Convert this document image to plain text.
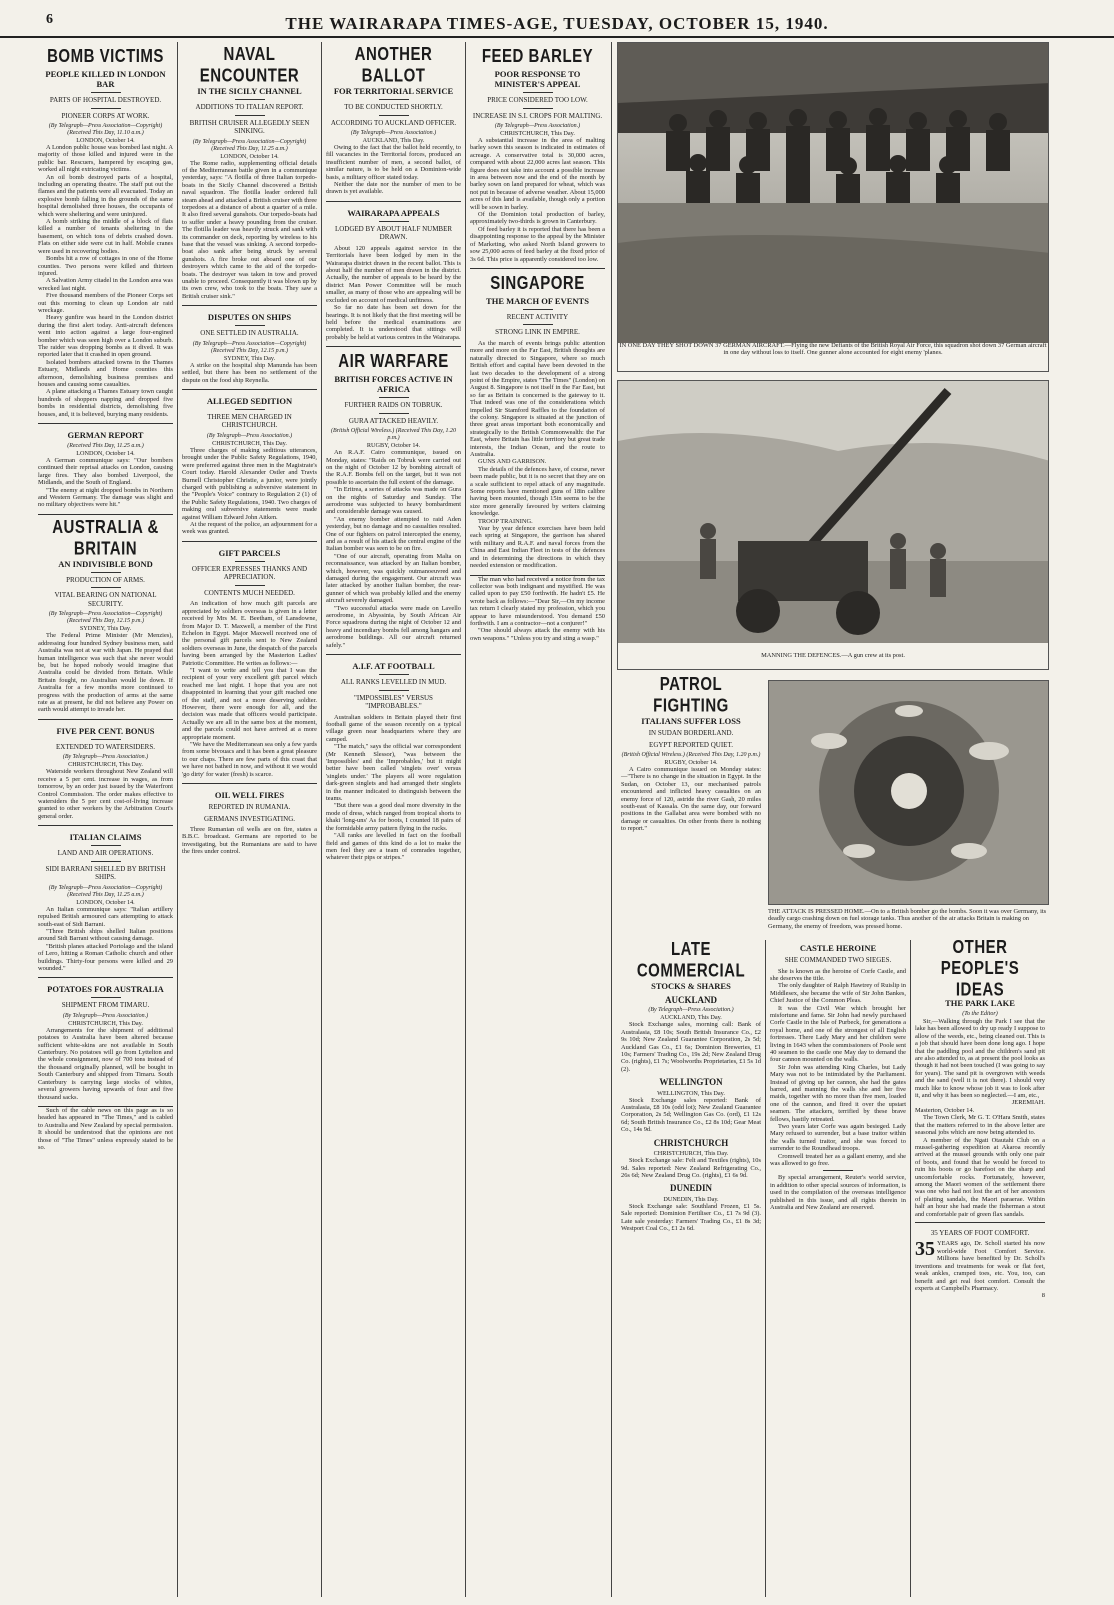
6	THE WAIRARAPA TIMES-AGE, TUESDAY, OCTOBER 15, 1940.
BOMB VICTIMS
PEOPLE KILLED IN LONDON BAR
PARTS OF HOSPITAL DESTROYED.
PIONEER CORPS AT WORK.
(By Telegraph—Press Association—Copyright) (Received This Day, 11.10 a.m.)
LONDON, October 14.

A London public house was bombed last night. A majority of those killed and injured were in the public bar. Rescuers, hampered by escaping gas, worked all night extricating victims.

An oil bomb destroyed parts of a hospital, including an operating theatre. The staff put out the flames and the patients were all evacuated. Today an explosive bomb falling in the grounds of the same hospital demolished three houses, the occupants of which were sheltering and were uninjured.

A bomb striking the middle of a block of flats killed a number of tenants sheltering in the basement, on which tons of debris crashed down. Flats on either side were cut in half. Mobile cranes were used in recovering bodies.

Bombs hit a row of cottages in one of the Home counties. Two persons were killed and thirteen injured.

A Salvation Army citadel in the London area was wrecked last night.

Five thousand members of the Pioneer Corps set out this morning to clean up London air raid wreckage.

Heavy gunfire was heard in the London district during the first alert today. Anti-aircraft defences went into action against a large four-engined bomber which was seen high over a London suburb. The raider was dropping bombs as it dived. It was reported later that it crashed in open ground.

Isolated bombers attacked towns in the Thames Estuary, Midlands and Home counties this afternoon, demolishing business premises and houses and causing some casualties.

A plane attacking a Thames Estuary town caught hundreds of shoppers napping and dropped five bombs in residential districts, demolishing five houses, and, it is believed, burying many residents.

GERMAN REPORT
(Received This Day, 11.25 a.m.)
LONDON, October 14.

A German communique says: "Our bombers continued their reprisal attacks on London, causing large fires. They also bombed Liverpool, the Midlands, and the South of England.

"The enemy at night dropped bombs in Northern and Western Germany. The damage was slight and no military objectives were hit."

AUSTRALIA & BRITAIN
AN INDIVISIBLE BOND
PRODUCTION OF ARMS.
VITAL BEARING ON NATIONAL SECURITY.
(By Telegraph—Press Association—Copyright) (Received This Day, 12.15 p.m.)
SYDNEY, This Day.

The Federal Prime Minister (Mr Menzies), addressing four hundred Sydney business men, said Australia was not at war with Japan. He prayed that human intelligence was such that she never would be, but he hoped nobody would imagine that Australia could be divided from Britain. While Britain fought, no Australian would lie down. If Australia for a few months more continued to progress with the production of arms at the same rate as at present, he did not believe any Power on earth would attempt to invade her.

FIVE PER CENT. BONUS
EXTENDED TO WATERSIDERS.
(By Telegraph—Press Association.)
CHRISTCHURCH, This Day.

Waterside workers throughout New Zealand will receive a 5 per cent. increase in wages, as from tomorrow, by an order just issued by the Waterfront Control Commission. The order makes effective to watersiders the 5 per cent cost-of-living increase granted to other workers by the Arbitration Court's general order.

ITALIAN CLAIMS
LAND AND AIR OPERATIONS.
SIDI BARRANI SHELLED BY BRITISH SHIPS.
(By Telegraph—Press Association—Copyright) (Received This Day, 11.25 a.m.)
LONDON, October 14.

An Italian communique says: "Italian artillery repulsed British armoured cars attempting to attack south-east of Sidi Barrani.

"Three British ships shelled Italian positions around Sidi Barrani without causing damage.

"British planes attacked Portolago and the island of Lero, hitting a Roman Catholic church and other buildings. Thirty-four persons were killed and 29 wounded."

POTATOES FOR AUSTRALIA
SHIPMENT FROM TIMARU.
(By Telegraph—Press Association.)
CHRISTCHURCH, This Day.

Arrangements for the shipment of additional potatoes to Australia have been altered because sufficient white-skins are not available in South Canterbury. No potatoes will go from Lyttelton and the whole consignment, now of 700 tons instead of the thousand originally planned, will be bought in South Canterbury and shipped from Timaru. South Canterbury is carrying large stocks of whites, several growers having upwards of four and five thousand sacks.

Such of the cable news on this page as is so headed has appeared in "The Times," and is cabled to Australia and New Zealand by special permission. It should be understood that the opinions are not those of "The Times" unless expressly stated to be so.

NAVAL ENCOUNTER
IN THE SICILY CHANNEL
ADDITIONS TO ITALIAN REPORT.
BRITISH CRUISER ALLEGEDLY SEEN SINKING.
(By Telegraph—Press Association—Copyright) (Received This Day, 11.25 a.m.)
LONDON, October 14.

The Rome radio, supplementing official details of the Mediterranean battle given in a communique yesterday, says: "A flotilla of three Italian torpedo-boats in the Sicily Channel discovered a British naval squadron. The flotilla leader ordered full steam ahead and attacked a British cruiser with three torpedoes at a distance of about a quarter of a mile. It also fired several gunshots. Our torpedo-boats had to suffer under a heavy pounding from the cruiser. The flotilla leader was heavily struck and sank with its commander on deck, reporting by wireless to his base that the vessel was sinking. A second torpedo-boat also sank after being struck by several gunshots. A fire broke out aboard one of our destroyers which came to the aid of the torpedo-boats. The destroyer was taken in tow and proved unable to proceed. Consequently it was blown up by its own crew, who took to the boats. They saw a British cruiser sink."

DISPUTES ON SHIPS
ONE SETTLED IN AUSTRALIA.
(By Telegraph—Press Association—Copyright) (Received This Day, 12.15 p.m.)
SYDNEY, This Day.

A strike on the hospital ship Manunda has been settled, but there has been no settlement of the dispute on the food ship Reynella.

ALLEGED SEDITION
THREE MEN CHARGED IN CHRISTCHURCH.
(By Telegraph—Press Association.)
CHRISTCHURCH, This Day.

Three charges of making seditious utterances, brought under the Public Safety Regulations, 1940, were preferred against three men in the Magistrate's Court today. Harold Alexander Ostler and Travis Burnell Christopher Christie, a junior, were jointly charged with publishing a subversive statement in the "People's Voice" contrary to Regulation 2 (1) of the Public Safety Regulations, 1940. Two charges of making oral subversive statements were made against William Edward John Aitken.

At the request of the police, an adjournment for a week was granted.

GIFT PARCELS
OFFICER EXPRESSES THANKS AND APPRECIATION.
CONTENTS MUCH NEEDED.

An indication of how much gift parcels are appreciated by soldiers overseas is given in a letter received by Mrs M. E. Beetham, of Lansdowne, from Major D. T. Maxwell, a member of the First Echelon in Egypt. Major Maxwell received one of the personal gift parcels sent to New Zealand soldiers overseas in June, the despatch of the parcels having been arranged by the Masterton Ladies' Patriotic Committee. He writes as follows:—

"I want to write and tell you that I was the recipient of your very excellent gift parcel which reached me last night. I hope that you are not disappointed in learning that your gift reached one of the staff, and not a more deserving soldier. However, there were enough for all, and the decision was made that officers would participate. Actually we are all in the same box at the moment, and the parcels could not have arrived at a more appropriate moment.

"We have the Mediterranean sea only a few yards from some bivouacs and it has been a great pleasure to our chaps. There are few parts of this coast that we have not bathed in now, and without it we would 'go dirty' for water (fresh) is scarce.

OIL WELL FIRES
REPORTED IN RUMANIA.
GERMANS INVESTIGATING.

Three Rumanian oil wells are on fire, states a B.B.C. broadcast. Germans are reported to be investigating, but the Rumanians are said to have the fires under control.

ANOTHER BALLOT
FOR TERRITORIAL SERVICE
TO BE CONDUCTED SHORTLY.
ACCORDING TO AUCKLAND OFFICER.
(By Telegraph—Press Association.)
AUCKLAND, This Day.

Owing to the fact that the ballot held recently, to fill vacancies in the Territorial forces, produced an insufficient number of men, a second ballot, of similar nature, is to be held on a Dominion-wide basis, a military officer stated today.

Neither the date nor the number of men to be drawn is yet available.

WAIRARAPA APPEALS
LODGED BY ABOUT HALF NUMBER DRAWN.

About 120 appeals against service in the Territorials have been lodged by men in the Wairarapa district drawn in the recent ballot. This is about half the number of men drawn in the district. Actually, the number of appeals to be heard by the district Man Power Committee will be much smaller, as many of those who are appealing will be excluded on account of medical unfitness.

So far no date has been set down for the hearings. It is not likely that the first meeting will be held before the medical examinations are completed. It is understood that sittings will probably be held at various centres in the Wairarapa.

AIR WARFARE
BRITISH FORCES ACTIVE IN AFRICA
FURTHER RAIDS ON TOBRUK.
GURA ATTACKED HEAVILY.
(British Official Wireless.) (Received This Day, 1.20 p.m.)
RUGBY, October 14.

An R.A.F. Cairo communique, issued on Monday, states: "Raids on Tobruk were carried out on the night of October 12 by bombing aircraft of the R.A.F. Bombs fell on the target, but it was not possible to ascertain the full extent of the damage.

"In Eritrea, a series of attacks was made on Gura on the nights of Saturday and Sunday. The aerodrome was subjected to heavy bombardment and considerable damage was caused.

"An enemy bomber attempted to raid Aden yesterday, but no damage and no casualties resulted. One of our fighters on patrol intercepted the enemy, and as a result of his attack the central engine of the Italian bomber was seen to be on fire.

"One of our aircraft, operating from Malta on reconnaissance, was attacked by an Italian bomber, which, however, was quickly outmanoeuvred and damaged during the engagement. Our aircraft was later attacked by another Italian bomber, the rear-gunner of which was probably killed and the enemy aircraft severely damaged.

"Two successful attacks were made on Lavello aerodrome, in Abyssinia, by South African Air Force squadrons during the night of October 12 and heavy and incendiary bombs fell among hangars and aerodrome buildings. All our aircraft returned safely."

A.I.F. AT FOOTBALL
ALL RANKS LEVELLED IN MUD.
"IMPOSSIBLES" VERSUS "IMPROBABLES."

Australian soldiers in Britain played their first football game of the season recently on a typical village green near headquarters where they are camped.

"The match," says the official war correspondent (Mr Kenneth Slessor), "was between the 'Impossibles' and the 'Improbables,' but it might better have been called 'singlets over' versus 'singlets under.' The players all wore regulation dark-green singlets and had arranged their singlets in the manner indicated to distinguish between the teams.

"But there was a good deal more diversity in the mode of dress, which ranged from tropical shorts to khaki 'long-uns' As for boots, I counted 18 pairs of the formidable army pattern flying in the rucks.

"All ranks are levelled in fact on the football field and games of this kind do a lot to make the men feel they are a team of comrades together, whatever their pips or stripes."

FEED BARLEY
POOR RESPONSE TO MINISTER'S APPEAL
PRICE CONSIDERED TOO LOW.
INCREASE IN S.I. CROPS FOR MALTING.
(By Telegraph—Press Association.)
CHRISTCHURCH, This Day.

A substantial increase in the area of malting barley sown this season is indicated in estimates of acreage. A conservative total is 30,000 acres, compared with about 22,000 acres last season. This figure does not take into account a possible increase in area between now and the end of the month by barley sown on land prepared for wheat, which was not put in because of adverse weather. About 15,000 acres of this land is available, though only a portion will be sown in barley.

Of the Dominion total production of barley, approximately two-thirds is grown in Canterbury.

Of feed barley it is reported that there has been a disappointing response to the appeal by the Minister of Marketing, who asked North Island growers to sow 25,000 acres of feed barley at the fixed price of 3s 6d. This price is apparently considered too low.

SINGAPORE
THE MARCH OF EVENTS
RECENT ACTIVITY
STRONG LINK IN EMPIRE.

As the march of events brings public attention more and more on the Far East, British thoughts are naturally directed to Singapore, where so much British effort and capital have been devoted in the last two decades to the development of a strong point of the Empire, states "The Times" (London) on August 8. Singapore is not itself in the Far East, but so far as Britain is concerned is the gateway to it. That indeed was one of the considerations which impelled Sir Stamford Raffles to the foundation of the colony. Singapore is situated at the junction of three great areas important both economically and strategically to the British Commonwealth: the Far East, where Britain has little territory but great trade interests, the Indian Ocean, and the route to Australia.

GUNS AND GARRISON.

The details of the defences have, of course, never been made public, but it is no secret that they are on a scale sufficient to repel attack of any magnitude. Some reports have mentioned guns of 18in calibre having been mounted, though 15in seems to be the size more generally favoured by writers claiming knowledge.

TROOP TRAINING.

Year by year defence exercises have been held each spring at Singapore, the garrison has shared with military and R.A.F. and naval forces from the China and East Indian Fleet in tests of the defences and in determining the directions in which they needed extension or modification.

The man who had received a notice from the tax collector was both indignant and mystified. He was called upon to pay £50 forthwith. He hadn't £5. He wrote back as follows:—"Dear Sir,—On my income tax return I clearly stated my profession, which you appear to have misunderstood. You demand £50 forthwith. I am a contractor—not a conjurer!"

"One should always attack the enemy with his own weapons." "Unless you try and sting a wasp."

IN ONE DAY THEY SHOT DOWN 37 GERMAN AIRCRAFT.—Flying the new Defiants of the British Royal Air Force, this squadron shot down 37 German aircraft in one day without loss to itself. One gunner alone accounted for eight enemy 'planes.
MANNING THE DEFENCES.—A gun crew at its post.
PATROL FIGHTING
ITALIANS SUFFER LOSS
IN SUDAN BORDERLAND.
EGYPT REPORTED QUIET.
(British Official Wireless.) (Received This Day, 1.20 p.m.)
RUGBY, October 14.

A Cairo communique issued on Monday states:—"There is no change in the situation in Egypt. In the Sudan, on October 13, our mechanised patrols encountered and inflicted heavy casualties on an enemy force of 120, astride the river Gash, 20 miles south-east of Kassala. On the same day, our forward positions in the Gallabat area were bombed with no damage or casualties. On other fronts there is nothing to report."

THE ATTACK IS PRESSED HOME.—On to a British bomber go the bombs. Soon it was over Germany, its deadly cargo crashing down on fuel storage tanks. Thus another of the air attacks Britain is making on Germany, the enemy of freedom, was pressed home.
LATE COMMERCIAL
STOCKS & SHARES
AUCKLAND
(By Telegraph—Press Association.)
AUCKLAND, This Day.

Stock Exchange sales, morning call: Bank of Australasia, £8 10s; South British Insurance Co., £2 9s 10d; New Zealand Guarantee Corporation, 2s 5d; Auckland Gas Co., £1 6s; Dominion Breweries, £1 10s; Farmers' Trading Co., 19s 2d; New Zealand Drug Co. (rights), £1 7s; Woolworths Proprietaries, £1 5s 1d (2).

WELLINGTON
WELLINGTON, This Day.

Stock Exchange sales reported: Bank of Australasia, £8 10s (odd lot); New Zealand Guarantee Corporation, 2s 5d; Wellington Gas Co. (ord), £1 12s 6d; South British Insurance Co., £2 8s 10d; Gear Meat Co., 14s 9d.

CHRISTCHURCH
CHRISTCHURCH, This Day.

Stock Exchange sale: Felt and Textiles (rights), 10s 9d. Sales reported: New Zealand Refrigerating Co., 26s 6d; New Zealand Drug Co. (rights), £1 6s 9d.

DUNEDIN
DUNEDIN, This Day.

Stock Exchange sale: Southland Frozen, £1 5s. Sale reported: Dominion Fertiliser Co., £1 7s 9d (3). Late sale yesterday: Farmers' Trading Co., £1 8s 3d; Westport Coal Co., £1 2s 6d.

CASTLE HEROINE
SHE COMMANDED TWO SIEGES.

She is known as the heroine of Corfe Castle, and she deserves the title.

The only daughter of Ralph Hawtrey of Ruislip in Middlesex, she became the wife of Sir John Bankes, Chief Justice of the Common Pleas.

It was the Civil War which brought her misfortune and fame. Sir John had newly purchased Corfe Castle in the Isle of Purbeck, for generations a royal home, and one of the strongest of all English fortresses. There Lady Mary and her children were living in 1643 when the commissioners of Poole sent 40 seamen to the castle one May day to demand the four cannon mounted on the walls.

Sir John was attending King Charles, but Lady Mary was not to be intimidated by the Parliament. Instead of giving up her cannon, she had the gates barred, and manning the walls she and her five maids, together with no more than five men, loaded one of the cannon, and fired it over the upstart seamen. The attackers, terrified by these brave fellows, hastily retreated.

Two years later Corfe was again besieged. Lady Mary refused to surrender, but a base traitor within the walls turned traitor, and she was forced to surrender to the Roundhead troops.

Cromwell treated her as a gallant enemy, and she was allowed to go free.

By special arrangement, Reuter's world service, in addition to other special sources of information, is used in the compilation of the overseas intelligence published in this issue, and all rights therein in Australia and New Zealand are reserved.

OTHER PEOPLE'S IDEAS
THE PARK LAKE
(To the Editor)

Sir,—Walking through the Park I see that the lake has been allowed to dry up ready I suppose to allow of the weeds, etc., being cleaned out. This is a job that should have been done long ago. I hope that the paddling pool and the children's sand pit are also attended to, as at present the pool looks as though it had not been touched (I was going to say for years). The sand pit is overgrown with weeds and the sand (well it is not there). I should very much like to know whose job it was to look after it, and why it has been so neglected.—I am, etc.,

JEREMIAH.
Masterton, October 14.

The Town Clerk, Mr G. T. O'Hara Smith, states that the matters referred to in the above letter are seasonal jobs which are now being attended to.

A member of the Ngati Otautahi Club on a mussel-gathering expedition at Akaroa recently arrived at the mussel grounds with only one pair of boots, and found that he would be forced to ruin his boots or go barefoot on the sharp and uncomfortable rocks. Fortunately, however, among the Maori women of the settlement there was one who had not lost the art of her ancestors of plaiting sandals, the Maori paraerae. Within half an hour she had made the fisherman a stout and comfortable pair of green flax sandals.

35 YEARS OF FOOT COMFORT.

35 YEARS ago, Dr. Scholl started his now world-wide Foot Comfort Service. Millions have benefited by Dr. Scholl's inventions and treatments for weak or flat feet, weak ankles, cramped toes, etc. You, too, can benefit and get real foot comfort. Consult the experts at Campbell's Pharmacy.

8
